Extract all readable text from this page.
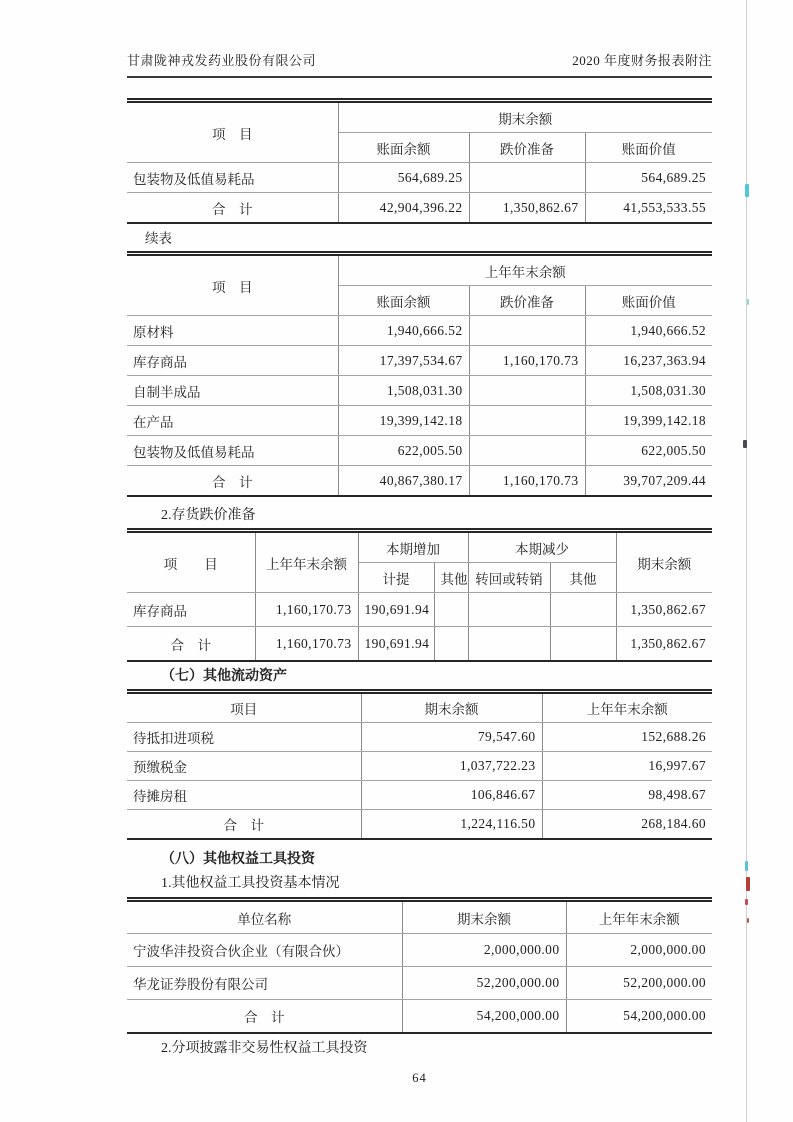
甘肃陇神戎发药业股份有限公司	2020 年度财务报表附注
项　目	期末余额		
	账面余额	跌价准备	账面价值
包装物及低值易耗品	564,689.25		564,689.25
合　计	42,904,396.22	1,350,862.67	41,553,533.55
续表
项　目	上年年末余额		
	账面余额	跌价准备	账面价值
原材料	1,940,666.52		1,940,666.52
库存商品	17,397,534.67	1,160,170.73	16,237,363.94
自制半成品	1,508,031.30		1,508,031.30
在产品	19,399,142.18		19,399,142.18
包装物及低值易耗品	622,005.50		622,005.50
合　计	40,867,380.17	1,160,170.73	39,707,209.44
2.存货跌价准备
项　　目	上年年末余额	本期增加		本期减少		期末余额
		计提	其他	转回或转销	其他	
库存商品	1,160,170.73	190,691.94				1,350,862.67
合　计	1,160,170.73	190,691.94				1,350,862.67
（七）其他流动资产
项目	期末余额	上年年末余额
待抵扣进项税	79,547.60	152,688.26
预缴税金	1,037,722.23	16,997.67
待摊房租	106,846.67	98,498.67
合　计	1,224,116.50	268,184.60
（八）其他权益工具投资
1.其他权益工具投资基本情况
单位名称	期末余额	上年年末余额
宁波华沣投资合伙企业（有限合伙）	2,000,000.00	2,000,000.00
华龙证券股份有限公司	52,200,000.00	52,200,000.00
合　计	54,200,000.00	54,200,000.00
2.分项披露非交易性权益工具投资
64
